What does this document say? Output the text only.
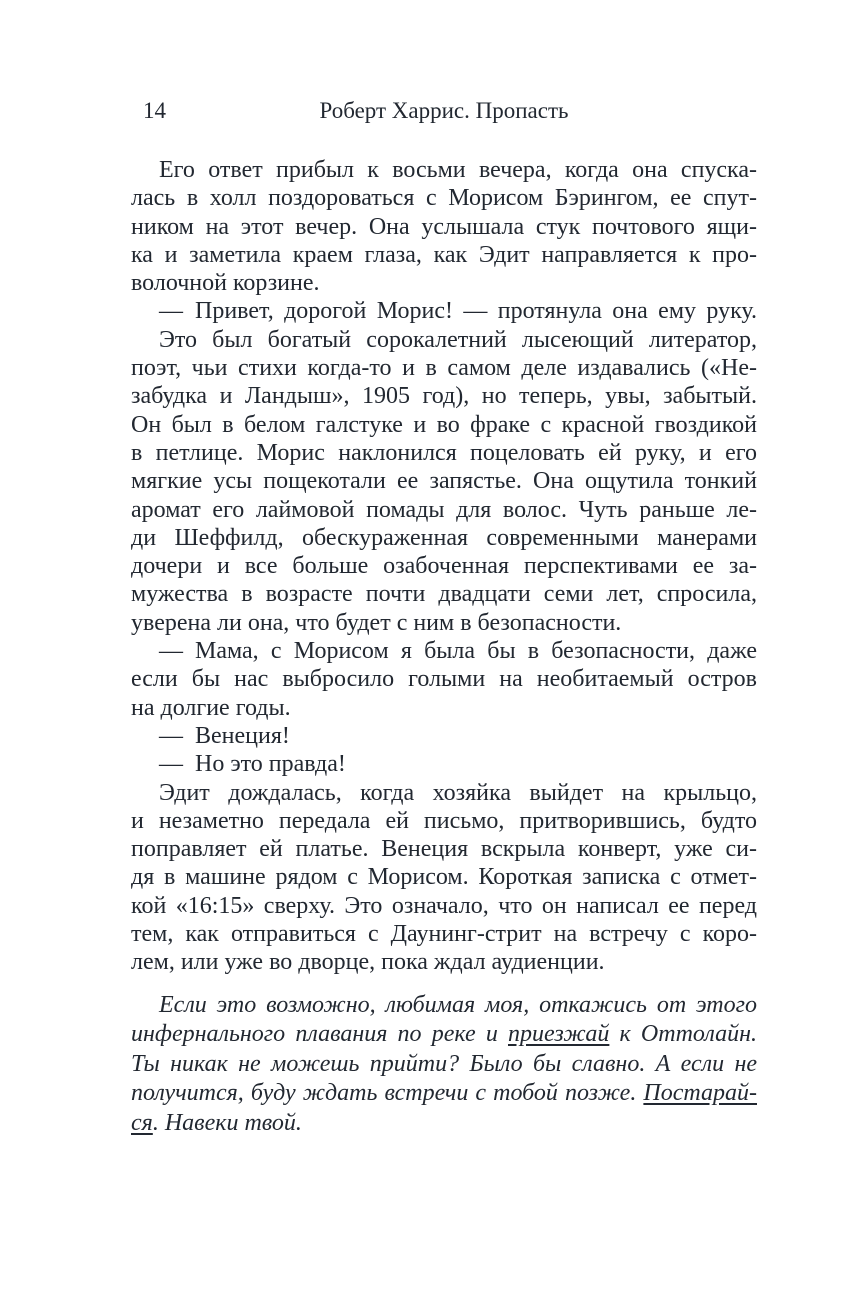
14	Роберт Харрис. Пропасть
Его ответ прибыл к восьми вечера, когда она спуска-
лась в холл поздороваться с Морисом Бэрингом, ее спут-
ником на этот вечер. Она услышала стук почтового ящи-
ка и заметила краем глаза, как Эдит направляется к про-
волочной корзине.
— Привет, дорогой Морис! — протянула она ему руку.
Это был богатый сорокалетний лысеющий литератор,
поэт, чьи стихи когда-то и в самом деле издавались («Не-
забудка и Ландыш», 1905 год), но теперь, увы, забытый.
Он был в белом галстуке и во фраке с красной гвоздикой
в петлице. Морис наклонился поцеловать ей руку, и его
мягкие усы пощекотали ее запястье. Она ощутила тонкий
аромат его лаймовой помады для волос. Чуть раньше ле-
ди Шеффилд, обескураженная современными манерами
дочери и все больше озабоченная перспективами ее за-
мужества в возрасте почти двадцати семи лет, спросила,
уверена ли она, что будет с ним в безопасности.
— Мама, с Морисом я была бы в безопасности, даже
если бы нас выбросило голыми на необитаемый остров
на долгие годы.
— Венеция!
— Но это правда!
Эдит дождалась, когда хозяйка выйдет на крыльцо,
и незаметно передала ей письмо, притворившись, будто
поправляет ей платье. Венеция вскрыла конверт, уже си-
дя в машине рядом с Морисом. Короткая записка с отмет-
кой «16:15» сверху. Это означало, что он написал ее перед
тем, как отправиться с Даунинг-стрит на встречу с коро-
лем, или уже во дворце, пока ждал аудиенции.
Если это возможно, любимая моя, откажись от этого
инфернального плавания по реке и приезжай к Оттолайн.
Ты никак не можешь прийти? Было бы славно. А если не
получится, буду ждать встречи с тобой позже. Постарай-
ся. Навеки твой.
